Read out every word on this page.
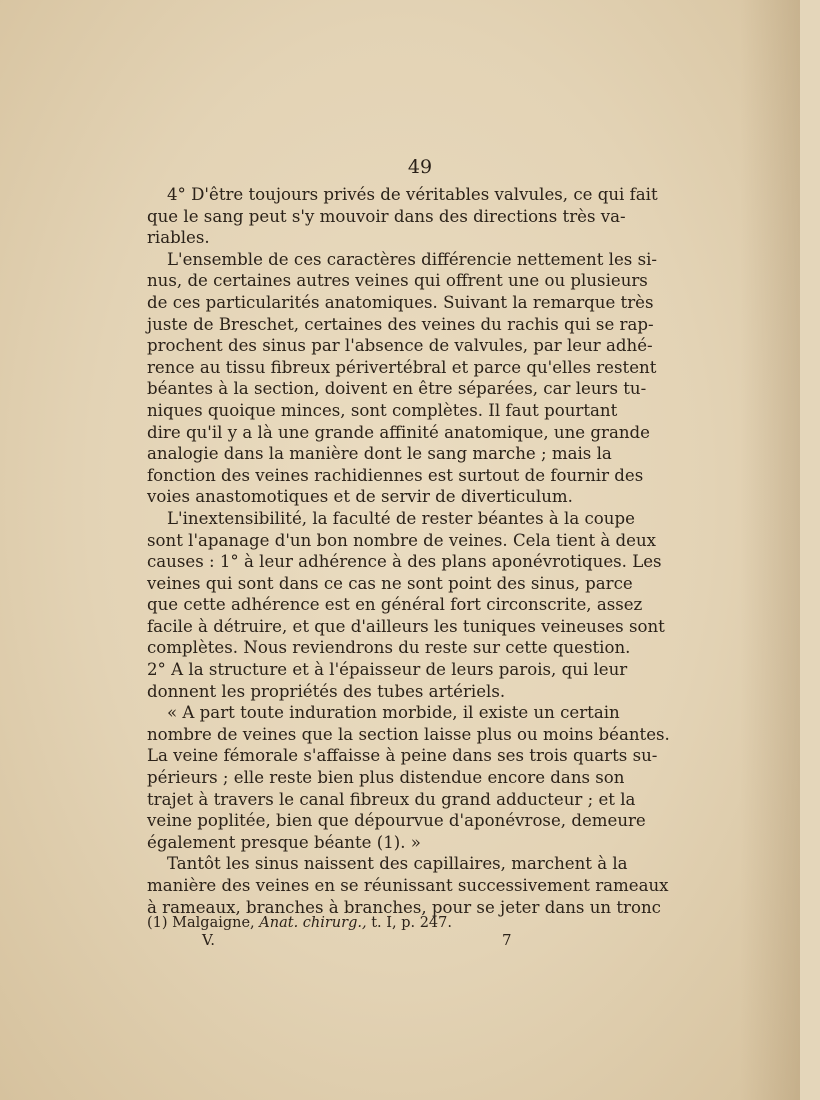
49
4° D'être toujours privés de véritables valvules, ce qui fait
que le sang peut s'y mouvoir dans des directions très va-
riables.
L'ensemble de ces caractères différencie nettement les si-
nus, de certaines autres veines qui offrent une ou plusieurs
de ces particularités anatomiques. Suivant la remarque très
juste de Breschet, certaines des veines du rachis qui se rap-
prochent des sinus par l'absence de valvules, par leur adhé-
rence au tissu fibreux périvertébral et parce qu'elles restent
béantes à la section, doivent en être séparées, car leurs tu-
niques quoique minces, sont complètes. Il faut pourtant
dire qu'il y a là une grande affinité anatomique, une grande
analogie dans la manière dont le sang marche ; mais la
fonction des veines rachidiennes est surtout de fournir des
voies anastomotiques et de servir de diverticulum.
L'inextensibilité, la faculté de rester béantes à la coupe
sont l'apanage d'un bon nombre de veines. Cela tient à deux
causes : 1° à leur adhérence à des plans aponévrotiques. Les
veines qui sont dans ce cas ne sont point des sinus, parce
que cette adhérence est en général fort circonscrite, assez
facile à détruire, et que d'ailleurs les tuniques veineuses sont
complètes. Nous reviendrons du reste sur cette question.
2° A la structure et à l'épaisseur de leurs parois, qui leur
donnent les propriétés des tubes artériels.
« A part toute induration morbide, il existe un certain
nombre de veines que la section laisse plus ou moins béantes.
La veine fémorale s'affaisse à peine dans ses trois quarts su-
périeurs ; elle reste bien plus distendue encore dans son
trajet à travers le canal fibreux du grand adducteur ; et la
veine poplitée, bien que dépourvue d'aponévrose, demeure
également presque béante (1). »
Tantôt les sinus naissent des capillaires, marchent à la
manière des veines en se réunissant successivement rameaux
à rameaux, branches à branches, pour se jeter dans un tronc
(1) Malgaigne, Anat. chirurg., t. I, p. 247.
V.	7
